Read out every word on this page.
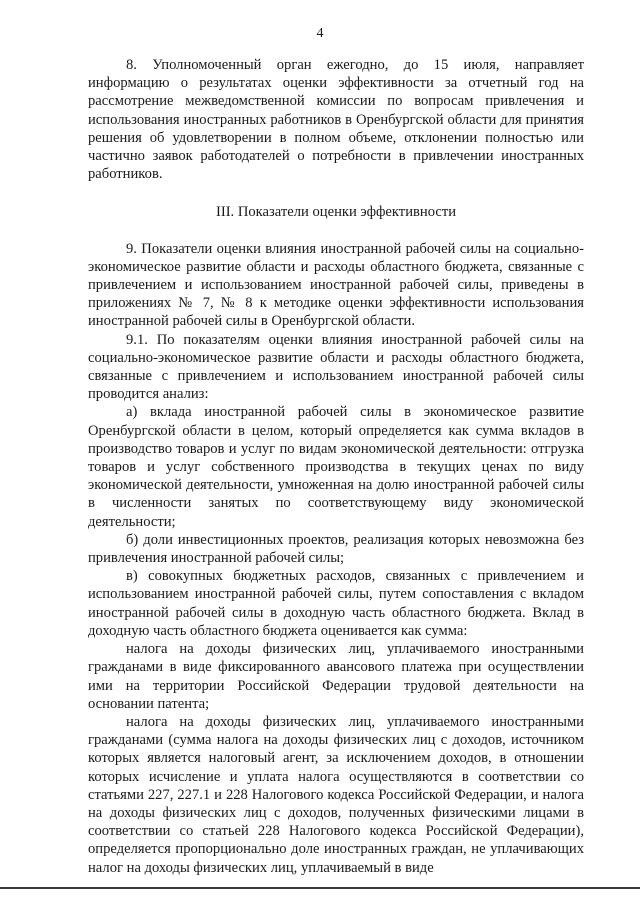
4

8. Уполномоченный орган ежегодно, до 15 июля, направляет информацию о результатах оценки эффективности за отчетный год на рассмотрение межведомственной комиссии по вопросам привлечения и использования иностранных работников в Оренбургской области для принятия решения об удовлетворении в полном объеме, отклонении полностью или частично заявок работодателей о потребности в привлечении иностранных работников.

III. Показатели оценки эффективности

9. Показатели оценки влияния иностранной рабочей силы на социально-экономическое развитие области и расходы областного бюджета, связанные с привлечением и использованием иностранной рабочей силы, приведены в приложениях № 7, № 8 к методике оценки эффективности использования иностранной рабочей силы в Оренбургской области.

9.1. По показателям оценки влияния иностранной рабочей силы на социально-экономическое развитие области и расходы областного бюджета, связанные с привлечением и использованием иностранной рабочей силы проводится анализ:

а) вклада иностранной рабочей силы в экономическое развитие Оренбургской области в целом, который определяется как сумма вкладов в производство товаров и услуг по видам экономической деятельности: отгрузка товаров и услуг собственного производства в текущих ценах по виду экономической деятельности, умноженная на долю иностранной рабочей силы в численности занятых по соответствующему виду экономической деятельности;

б) доли инвестиционных проектов, реализация которых невозможна без привлечения иностранной рабочей силы;

в) совокупных бюджетных расходов, связанных с привлечением и использованием иностранной рабочей силы, путем сопоставления с вкладом иностранной рабочей силы в доходную часть областного бюджета. Вклад в доходную часть областного бюджета оценивается как сумма:

налога на доходы физических лиц, уплачиваемого иностранными гражданами в виде фиксированного авансового платежа при осуществлении ими на территории Российской Федерации трудовой деятельности на основании патента;

налога на доходы физических лиц, уплачиваемого иностранными гражданами (сумма налога на доходы физических лиц с доходов, источником которых является налоговый агент, за исключением доходов, в отношении которых исчисление и уплата налога осуществляются в соответствии со статьями 227, 227.1 и 228 Налогового кодекса Российской Федерации, и налога на доходы физических лиц с доходов, полученных физическими лицами в соответствии со статьей 228 Налогового кодекса Российской Федерации), определяется пропорционально доле иностранных граждан, не уплачивающих налог на доходы физических лиц, уплачиваемый в виде
